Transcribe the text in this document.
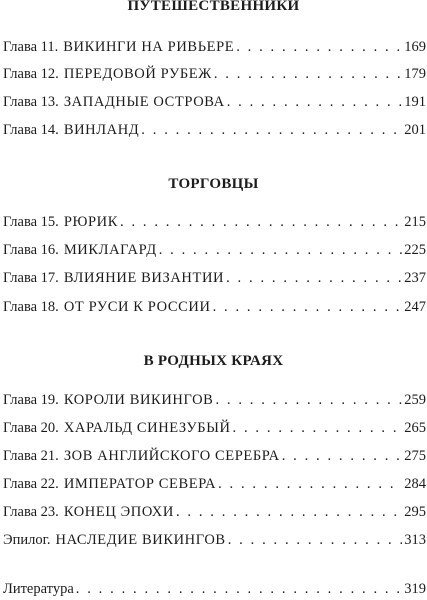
ПУТЕШЕСТВЕННИКИ
Глава 11. ВИКИНГИ НА РИВЬЕРЕ . . .	169
Глава 12. ПЕРЕДОВОЙ РУБЕЖ . . .	179
Глава 13. ЗАПАДНЫЕ ОСТРОВА . . .	191
Глава 14. ВИНЛАНД . . .	201
ТОРГОВЦЫ
Глава 15. РЮРИК . . .	215
Глава 16. МИКЛАГАРД . . .	225
Глава 17. ВЛИЯНИЕ ВИЗАНТИИ . . .	237
Глава 18. ОТ РУСИ К РОССИИ . . .	247
В РОДНЫХ КРАЯХ
Глава 19. КОРОЛИ ВИКИНГОВ . . .	259
Глава 20. ХАРАЛЬД СИНЕЗУБЫЙ . . .	265
Глава 21. ЗОВ АНГЛИЙСКОГО СЕРЕБРА . . .	275
Глава 22. ИМПЕРАТОР СЕВЕРА . . .	284
Глава 23. КОНЕЦ ЭПОХИ . . .	295
Эпилог. НАСЛЕДИЕ ВИКИНГОВ . . .	313
Литература . . .	319
